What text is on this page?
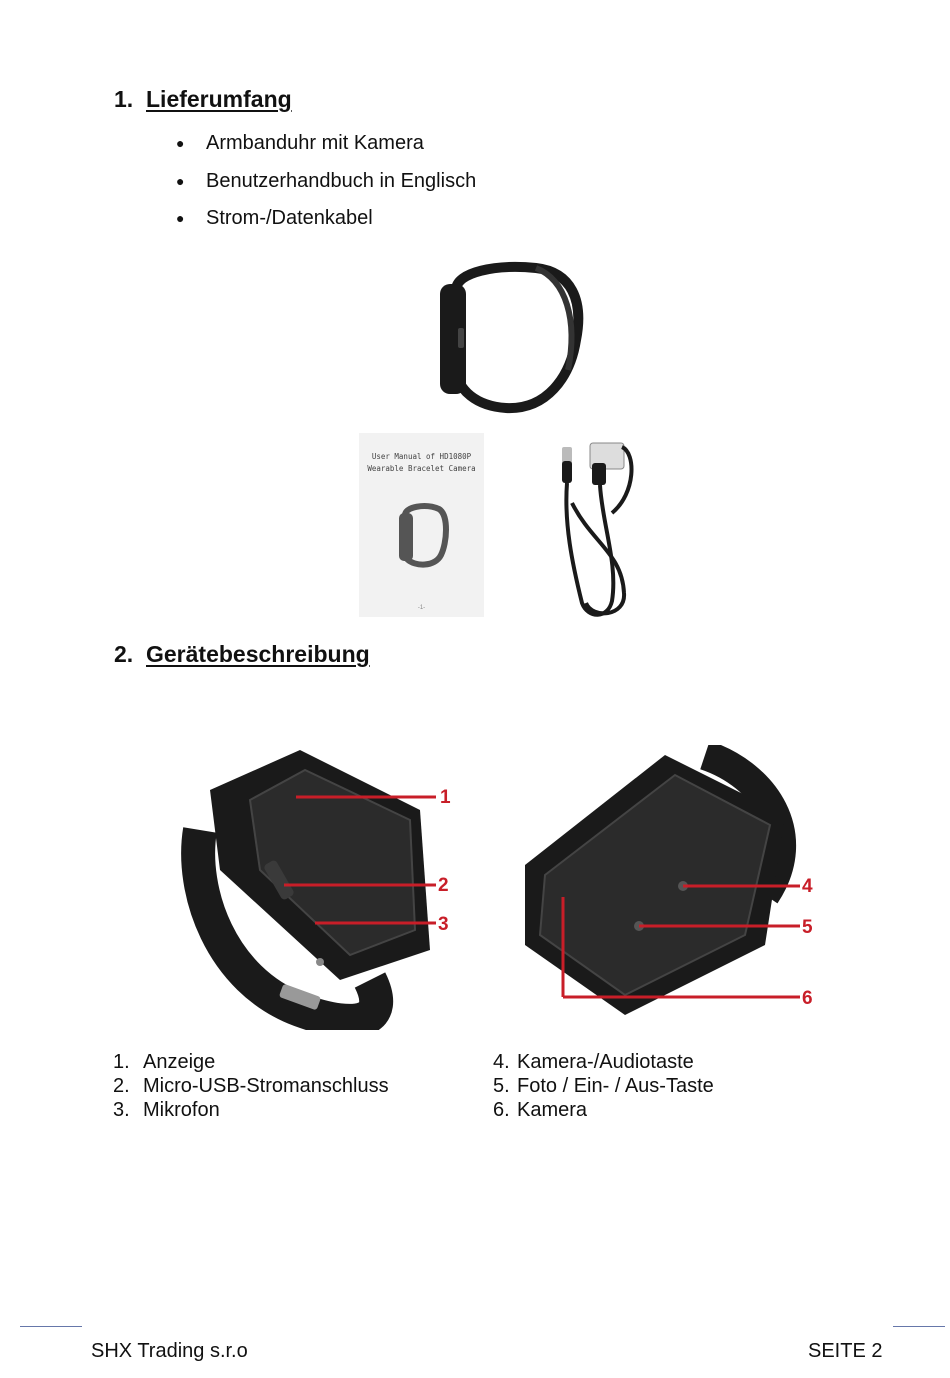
1. Lieferumfang
●	Armbanduhr mit Kamera
●	Benutzerhandbuch in Englisch
●	Strom-/Datenkabel
User Manual of HD1080P
Wearable Bracelet Camera
-1-
2. Gerätebeschreibung
1
2
3
4
5
6
1. Anzeige
2. Micro-USB-Stromanschluss
3. Mikrofon
4. Kamera-/Audiotaste
5. Foto / Ein- / Aus-Taste
6. Kamera
SHX Trading s.r.o	SEITE 2
